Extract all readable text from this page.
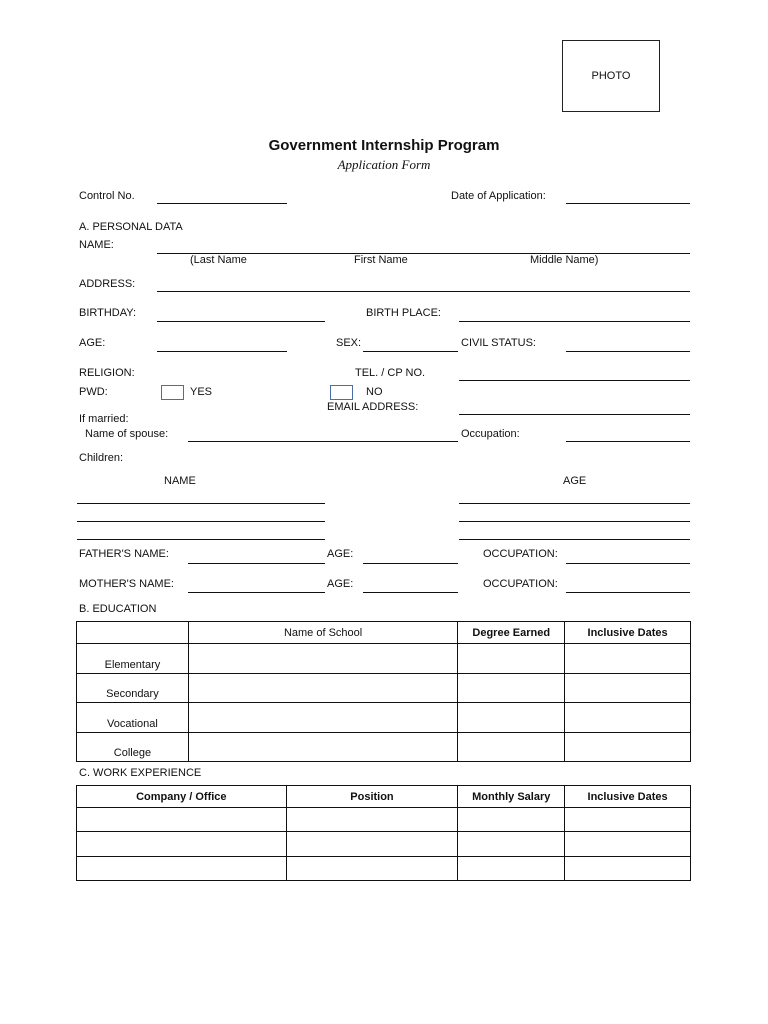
PHOTO
Government Internship Program
Application Form
Control No.	Date of Application:
A. PERSONAL DATA
NAME:
(Last Name	First Name	Middle Name)
ADDRESS:
BIRTHDAY:	BIRTH PLACE:
AGE:	SEX:	CIVIL STATUS:
RELIGION:	TEL. / CP NO.
PWD:	YES	NO
EMAIL ADDRESS:
If married:
Name of spouse:	Occupation:
Children:
NAME	AGE
FATHER'S NAME:	AGE:	OCCUPATION:
MOTHER'S NAME:	AGE:	OCCUPATION:
B. EDUCATION
	Name of School	Degree Earned	Inclusive Dates
Elementary			
Secondary			
Vocational			
College			
C. WORK EXPERIENCE
Company / Office	Position	Monthly Salary	Inclusive Dates
